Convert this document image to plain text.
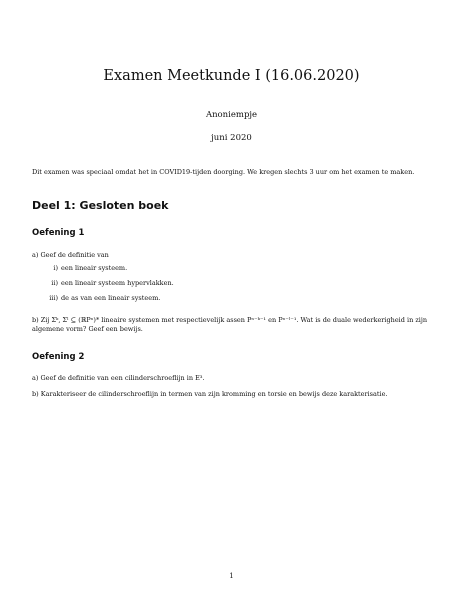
Examen Meetkunde I (16.06.2020)
Anoniempje
juni 2020
Dit examen was speciaal omdat het in COVID19-tijden doorging. We kregen slechts 3 uur om het examen te maken.
Deel 1: Gesloten boek
Oefening 1
a) Geef de definitie van
i) een lineair systeem.
ii) een lineair systeem hypervlakken.
iii) de as van een lineair systeem.
b) Zij Σᵏ, Σˡ ⊆ (ℝPⁿ)* lineaire systemen met respectievelijk assen Pⁿ⁻ᵏ⁻¹ en Pⁿ⁻ˡ⁻¹. Wat is de duale wederkerigheid in zijn algemene vorm? Geef een bewijs.
Oefening 2
a) Geef de definitie van een cilinderschroeflijn in E³.
b) Karakteriseer de cilinderschroeflijn in termen van zijn kromming en torsie en bewijs deze karakterisatie.
1
